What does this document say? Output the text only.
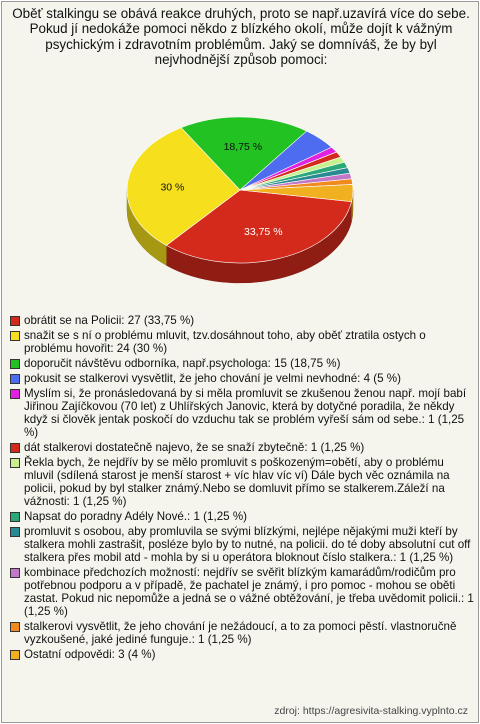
Oběť stalkingu se obává reakce druhých, proto se např.uzavírá více do sebe. Pokud jí nedokáže pomoci někdo z blízkého okolí, může dojít k vážným psychickým i zdravotním problémům. Jaký se domníváš, že by byl nejvhodnější způsob pomoci:
33,75 %
30 %
18,75 %
obrátit se na Policii: 27 (33,75 %)
snažit se s ní o problému mluvit, tzv.dosáhnout toho, aby oběť ztratila ostych o problému hovořit: 24 (30 %)
doporučit návštěvu odborníka, např.psychologa: 15 (18,75 %)
pokusit se stalkerovi vysvětlit, že jeho chování je velmi nevhodné: 4 (5 %)
Myslím si, že pronásledovaná by si měla promluvit se zkušenou ženou např. mojí babí Jiřinou Zajíčkovou (70 let) z Uhlířských Janovic, která by dotyčné poradila, že někdy když si člověk jentak poskočí do vzduchu tak se problém vyřeší sám od sebe.: 1 (1,25 %)
dát stalkerovi dostatečně najevo, že se snaží zbytečně: 1 (1,25 %)
Řekla bych, že nejdřív by se mělo promluvit s poškozeným=obětí, aby o problému mluvil (sdílená starost je menší starost + víc hlav víc ví) Dále bych věc oznámila na policii, pokud by byl stalker známý.Nebo se domluvit přímo se stalkerem.Záleží na vážnosti: 1 (1,25 %)
Napsat do poradny Adély Nové.: 1 (1,25 %)
promluvit s osobou, aby promluvila se svými blízkými, nejlépe nějakými muži kteří by stalkera mohli zastrašit, posléze bylo by to nutné, na policii. do té doby absolutní cut off stalkera přes mobil atd - mohla by si u operátora bloknout číslo stalkera.: 1 (1,25 %)
kombinace předchozích možností: nejdřív se svěřit blízkým kamarádům/rodičům pro potřebnou podporu a v případě, že pachatel je známý, i pro pomoc - mohou se oběti zastat. Pokud nic nepomůže a jedná se o vážné obtěžování, je třeba uvědomit policii.: 1 (1,25 %)
stalkerovi vysvětlit, že jeho chování je nežádoucí, a to za pomoci pěstí. vlastnoručně vyzkoušené, jaké jediné funguje.: 1 (1,25 %)
Ostatní odpovědi: 3 (4 %)
zdroj: https://agresivita-stalking.vyplnto.cz
